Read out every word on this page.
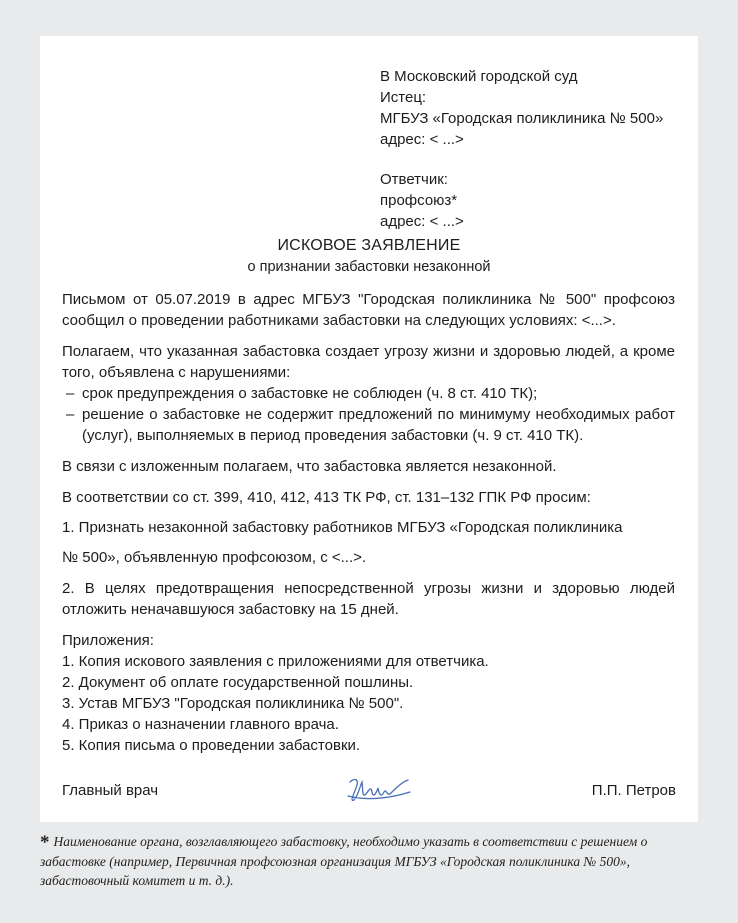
В Московский городской суд
Истец:
МГБУЗ «Городская поликлиника № 500»
адрес: < ...>
Ответчик:
профсоюз*
адрес: < ...>
ИСКОВОЕ ЗАЯВЛЕНИЕ
о признании забастовки незаконной
Письмом от 05.07.2019 в адрес МГБУЗ "Городская поликлиника № 500" профсоюз сообщил о проведении работниками забастовки на следующих условиях: <...>.
Полагаем, что указанная забастовка создает угрозу жизни и здоровью людей, а кроме того, объявлена с нарушениями:
– срок предупреждения о забастовке не соблюден (ч. 8 ст. 410 ТК);
– решение о забастовке не содержит предложений по минимуму необходимых работ (услуг), выполняемых в период проведения забастовки (ч. 9 ст. 410 ТК).
В связи с изложенным полагаем, что забастовка является незаконной.
В соответствии со ст. 399, 410, 412, 413 ТК РФ, ст. 131–132 ГПК РФ просим:
1. Признать незаконной забастовку работников МГБУЗ «Городская поликлиника
№ 500», объявленную профсоюзом, с <...>.
2. В целях предотвращения непосредственной угрозы жизни и здоровью людей отложить неначавшуюся забастовку на 15 дней.
Приложения:
1. Копия искового заявления с приложениями для ответчика.
2. Документ об оплате государственной пошлины.
3. Устав МГБУЗ "Городская поликлиника № 500".
4. Приказ о назначении главного врача.
5. Копия письма о проведении забастовки.
Главный врач	П.П. Петров
* Наименование органа, возглавляющего забастовку, необходимо указать в соответствии с решением о забастовке (например, Первичная профсоюзная организация МГБУЗ «Городская поликлиника № 500», забастовочный комитет и т. д.).
